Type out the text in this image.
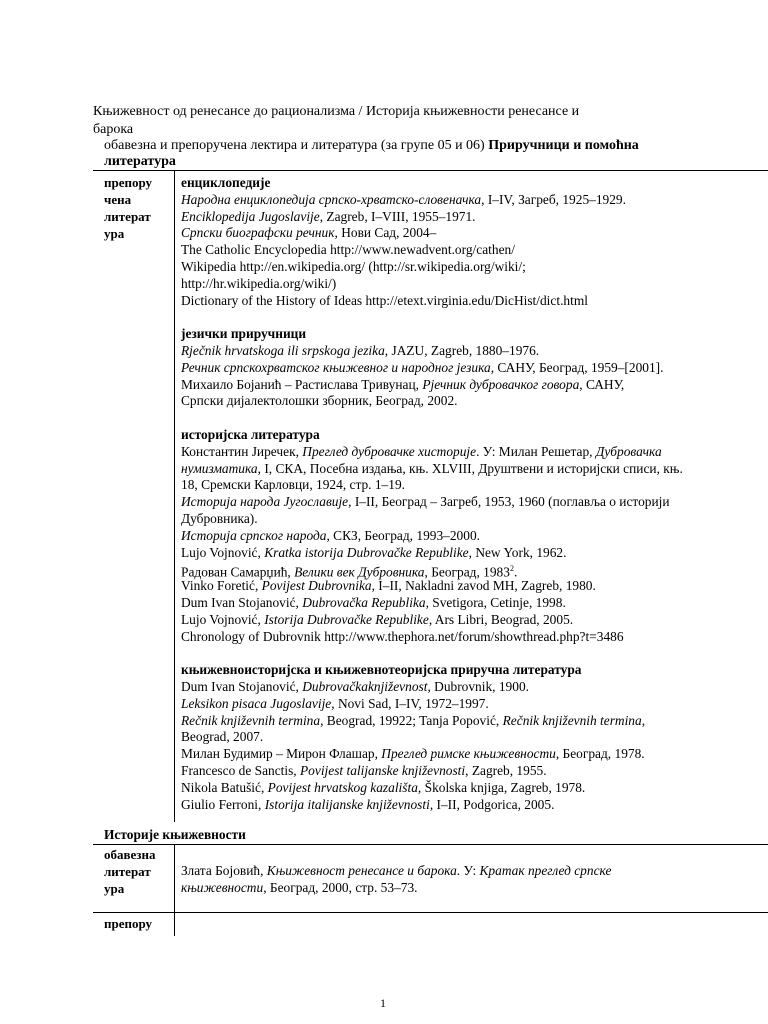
Књижевност од ренесансе до рационализма / Историја књижевности ренесансе и
барока
обавезна и препоручена лектира и литература (за групе 05 и 06) Приручници и помоћна
литература
препору
чена
литерат
ура
енциклопедије
Народна енциклопедија српско-хрватско-словеначка, I–IV, Загреб, 1925–1929.
Enciklopedija Jugoslavije, Zagreb, I–VIII, 1955–1971.
Српски биографски речник, Нови Сад, 2004–
The Catholic Encyclopedia http://www.newadvent.org/cathen/
Wikipedia http://en.wikipedia.org/ (http://sr.wikipedia.org/wiki/;
http://hr.wikipedia.org/wiki/)
Dictionary of the History of Ideas http://etext.virginia.edu/DicHist/dict.html
језички приручници
Rječnik hrvatskoga ili srpskoga jezika, JAZU, Zagreb, 1880–1976.
Речник српскохрватског књижевног и народног језика, САНУ, Београд, 1959–[2001].
Михаило Бојанић – Растислава Тривунац, Рјечник дубровачког говора, САНУ,
Српски дијалектолошки зборник, Београд, 2002.
историјска литература
Константин Јиречек, Преглед дубровачке хисторије. У: Милан Решетар, Дубровачка
нумизматика, I, СКА, Посебна издања, књ. XLVIII, Друштвени и историјски списи, књ.
18, Сремски Карловци, 1924, стр. 1–19.
Историја народа Југославије, I–II, Београд – Загреб, 1953, 1960 (поглавља о историји
Дубровника).
Историја српског народа, СКЗ, Београд, 1993–2000.
Lujo Vojnović, Kratka istorija Dubrovačke Republike, New York, 1962.
Радован Самарџић, Велики век Дубровника, Београд, 1983$^2$.
Vinko Foretić, Povijest Dubrovnika, I–II, Nakladni zavod MH, Zagreb, 1980.
Dum Ivan Stojanović, Dubrovačka Republika, Svetigora, Cetinje, 1998.
Lujo Vojnović, Istorija Dubrovačke Republike, Ars Libri, Beograd, 2005.
Chronology of Dubrovnik http://www.thephora.net/forum/showthread.php?t=3486
књижевноисторијска и књижевнотеоријска приручна литература
Dum Ivan Stojanović, Dubrovačkaknjiževnost, Dubrovnik, 1900.
Leksikon pisaca Jugoslavije, Novi Sad, I–IV, 1972–1997.
Rečnik književnih termina, Beograd, 19922; Tanja Popović, Rečnik književnih termina,
Beograd, 2007.
Милан Будимир – Мирон Флашар, Преглед римске књижевности, Београд, 1978.
Francesco de Sanctis, Povijest talijanske književnosti, Zagreb, 1955.
Nikola Batušić, Povijest hrvatskog kazališta, Školska knjiga, Zagreb, 1978.
Giulio Ferroni, Istorija italijanske književnosti, I–II, Podgorica, 2005.
Историје књижевности
обавезна
литерат
ура
Злата Бојовић, Књижевност ренесансе и барока. У: Кратак преглед српске
књижевности, Београд, 2000, стр. 53–73.
препору
1
